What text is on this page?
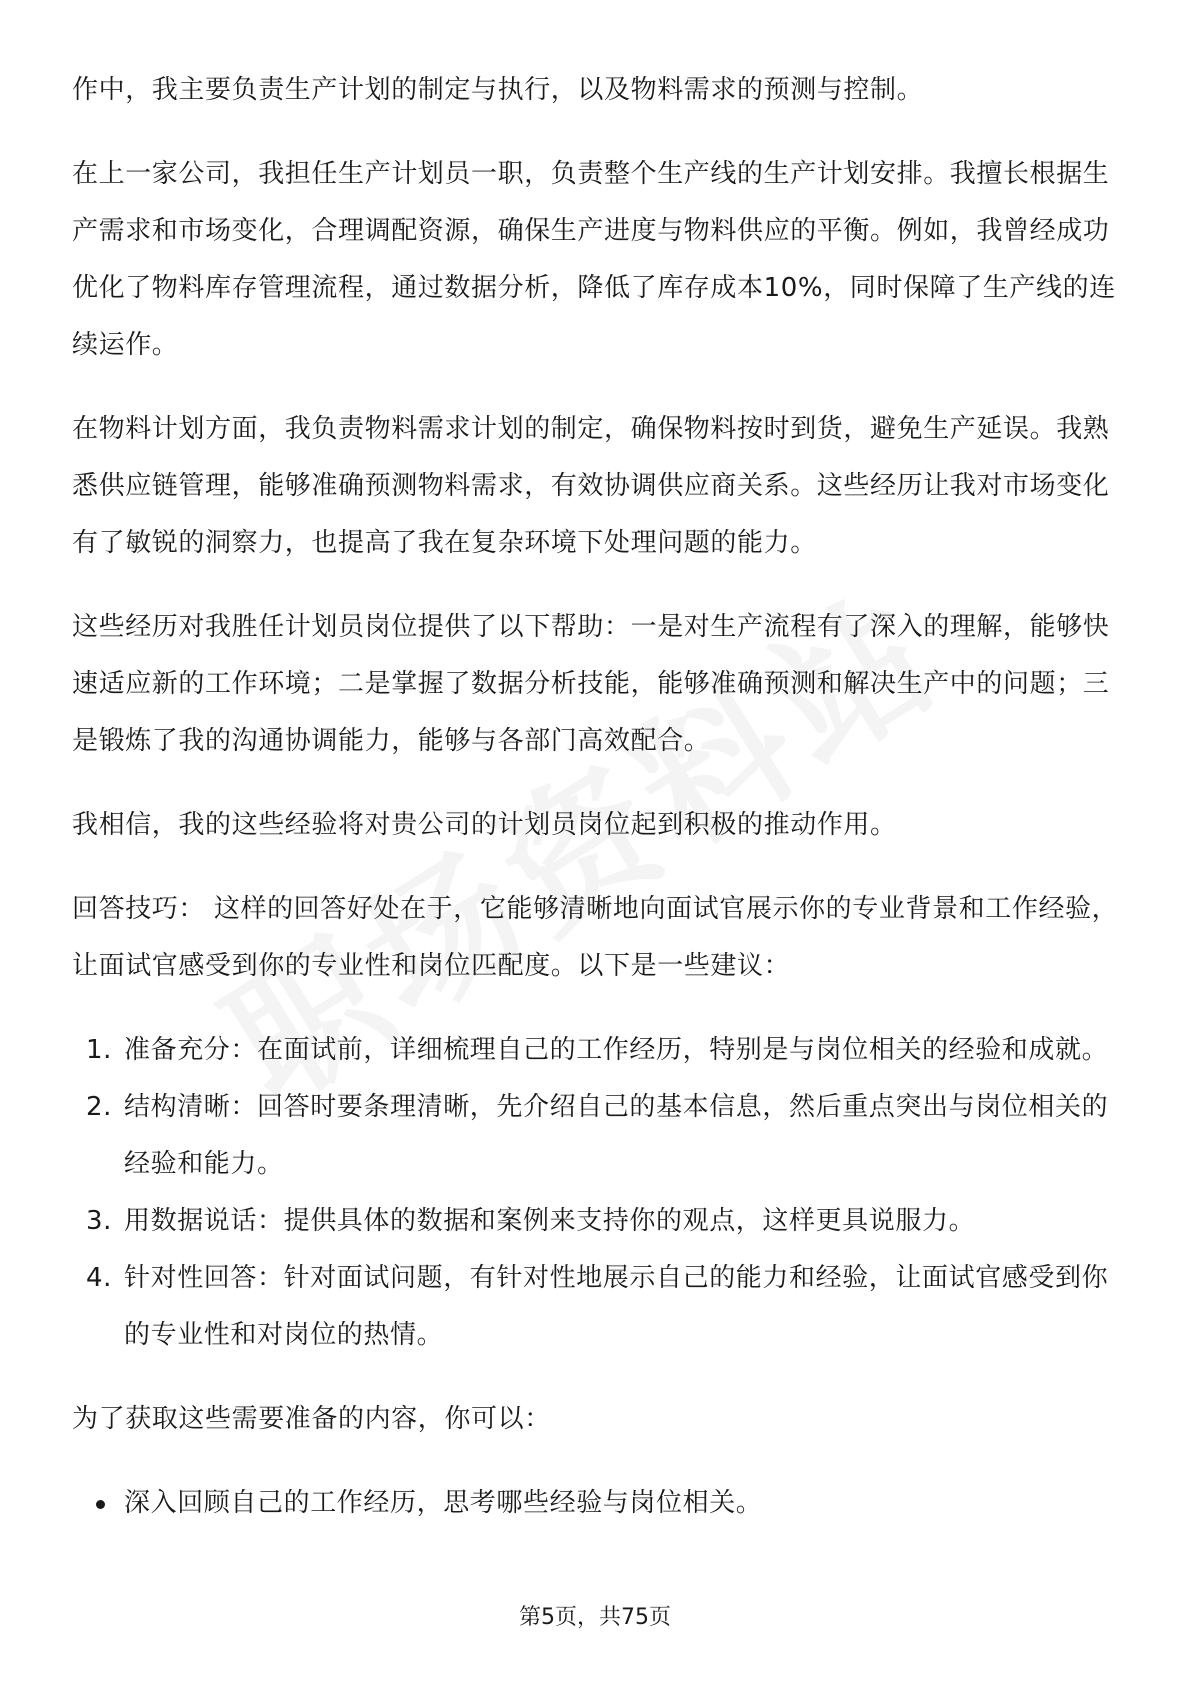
作中，我主要负责生产计划的制定与执行，以及物料需求的预测与控制。

在上一家公司，我担任生产计划员一职，负责整个生产线的生产计划安排。我擅长根据生产需求和市场变化，合理调配资源，确保生产进度与物料供应的平衡。例如，我曾经成功优化了物料库存管理流程，通过数据分析，降低了库存成本10%，同时保障了生产线的连续运作。

在物料计划方面，我负责物料需求计划的制定，确保物料按时到货，避免生产延误。我熟悉供应链管理，能够准确预测物料需求，有效协调供应商关系。这些经历让我对市场变化有了敏锐的洞察力，也提高了我在复杂环境下处理问题的能力。

这些经历对我胜任计划员岗位提供了以下帮助：一是对生产流程有了深入的理解，能够快速适应新的工作环境；二是掌握了数据分析技能，能够准确预测和解决生产中的问题；三是锻炼了我的沟通协调能力，能够与各部门高效配合。

我相信，我的这些经验将对贵公司的计划员岗位起到积极的推动作用。

回答技巧： 这样的回答好处在于，它能够清晰地向面试官展示你的专业背景和工作经验，让面试官感受到你的专业性和岗位匹配度。以下是一些建议：

1. 准备充分：在面试前，详细梳理自己的工作经历，特别是与岗位相关的经验和成就。
2. 结构清晰：回答时要条理清晰，先介绍自己的基本信息，然后重点突出与岗位相关的经验和能力。
3. 用数据说话：提供具体的数据和案例来支持你的观点，这样更具说服力。
4. 针对性回答：针对面试问题，有针对性地展示自己的能力和经验，让面试官感受到你的专业性和对岗位的热情。

为了获取这些需要准备的内容，你可以：

深入回顾自己的工作经历，思考哪些经验与岗位相关。
第5页，共75页
